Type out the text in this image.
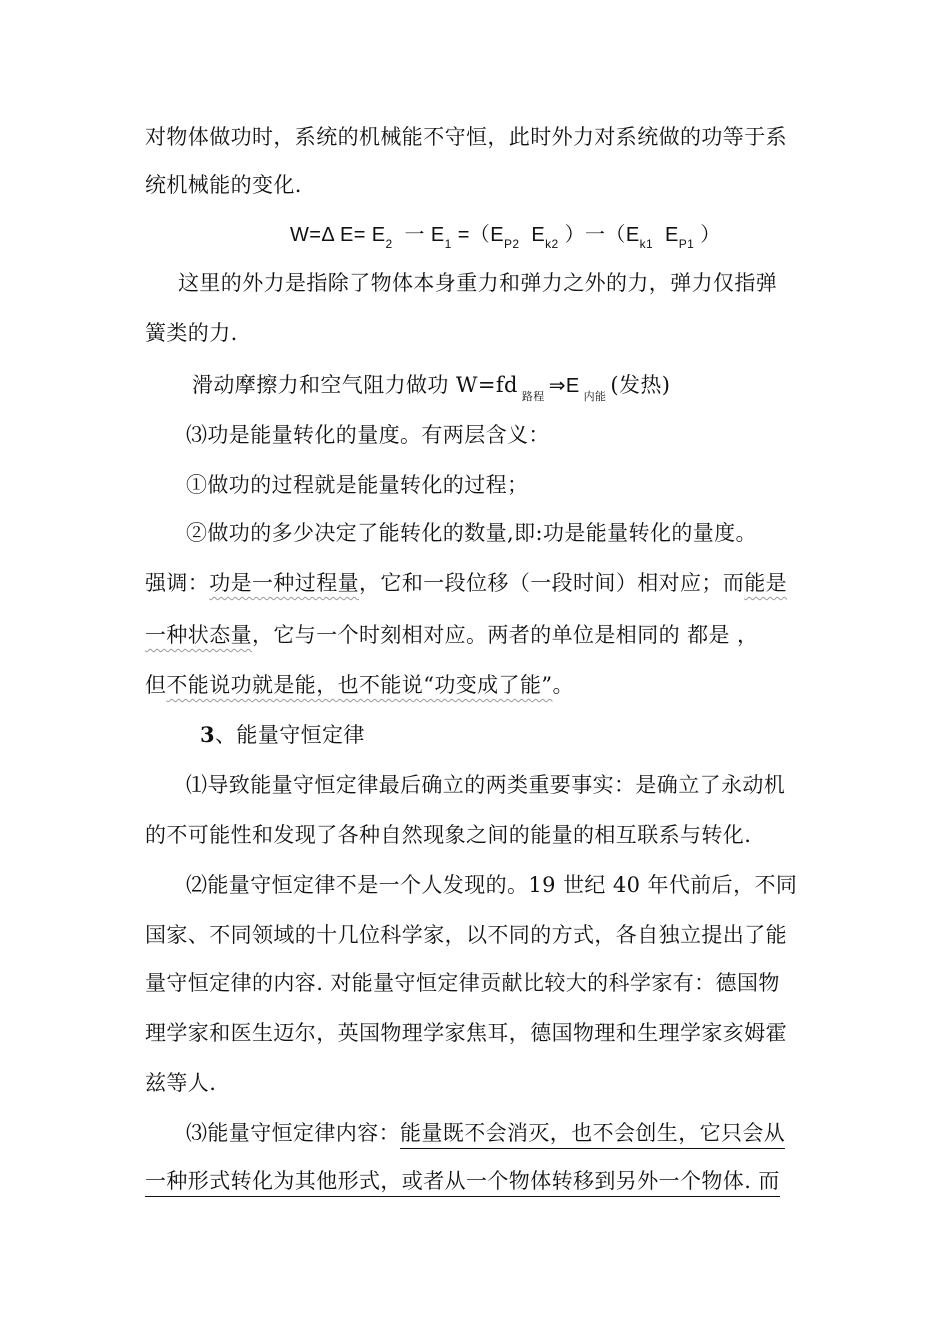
对物体做功时，系统的机械能不守恒，此时外力对系统做的功等于系
统机械能的变化.
W=Δ $E= E_2$ 一 $E_1 =(E_{P2}$ $E_{k2}$ ）一（$E_{k1}$ $E_{P1}$ ）
这里的外力是指除了物体本身重力和弹力之外的力，弹力仅指弹
簧类的力.
滑动摩擦力和空气阻力做功 W=fd $_{路程}$ ⇒E $_{内能}$ (发热)
⑶功是能量转化的量度。有两层含义：
①做功的过程就是能量转化的过程；
②做功的多少决定了能转化的数量,即:功是能量转化的量度。
强调：功是一种过程量，它和一段位移（一段时间）相对应；而能是
一种状态量，它与一个时刻相对应。两者的单位是相同的 都是 ，
但不能说功就是能，也不能说“功变成了能”。
3、能量守恒定律
⑴导致能量守恒定律最后确立的两类重要事实：是确立了永动机
的不可能性和发现了各种自然现象之间的能量的相互联系与转化.
⑵能量守恒定律不是一个人发现的。19 世纪 40 年代前后，不同
国家、不同领域的十几位科学家，以不同的方式，各自独立提出了能
量守恒定律的内容. 对能量守恒定律贡献比较大的科学家有：德国物
理学家和医生迈尔，英国物理学家焦耳，德国物理和生理学家亥姆霍
兹等人.
⑶能量守恒定律内容：能量既不会消灭，也不会创生，它只会从
一种形式转化为其他形式，或者从一个物体转移到另外一个物体. 而
